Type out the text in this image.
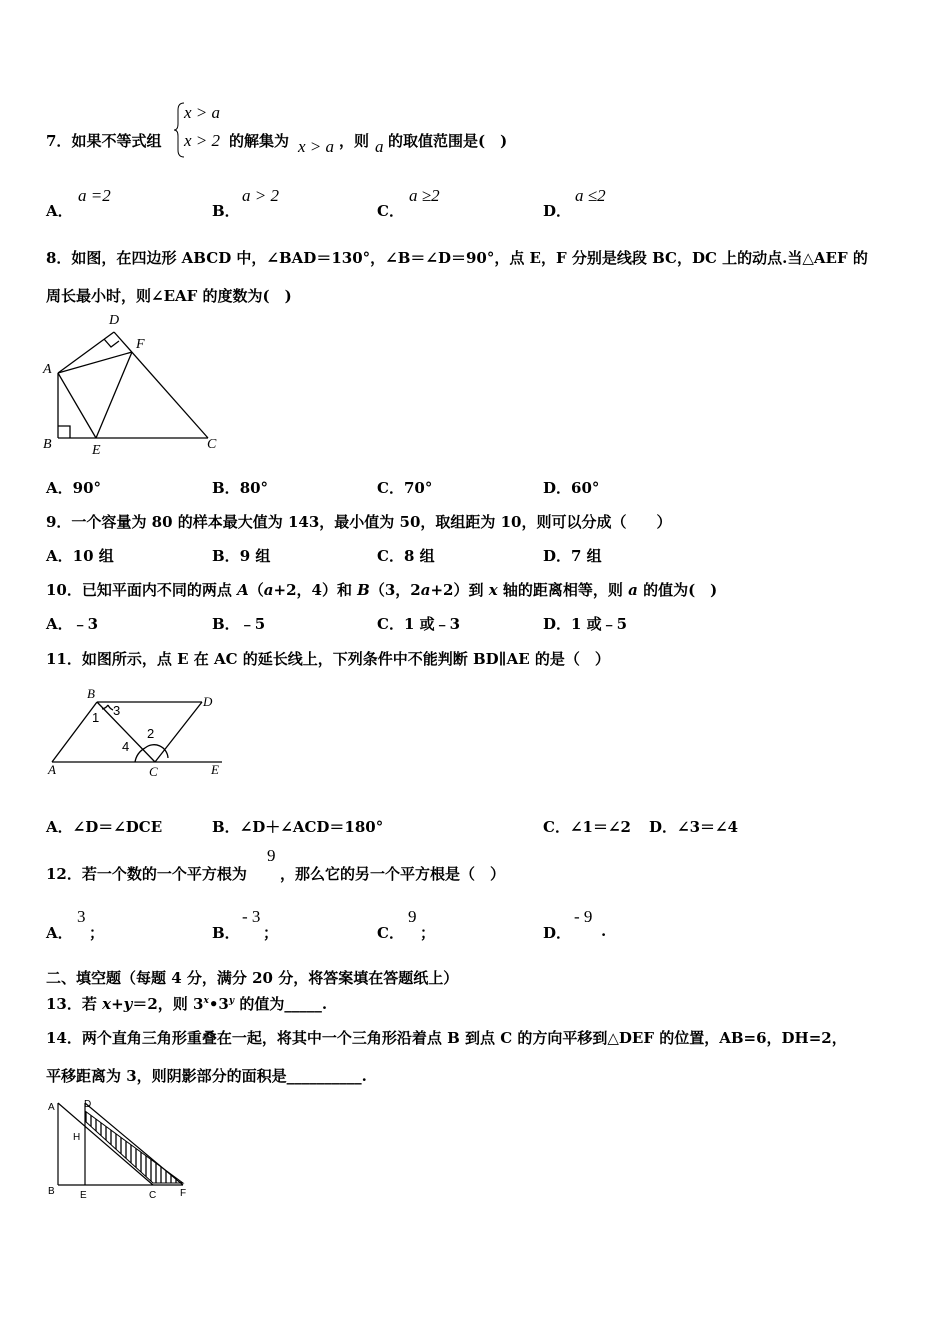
7．如果不等式组
x > a
x > 2 的解集为 x > a ，则 a 的取值范围是(　)
A．
a =2
B．
a > 2
C．
a ≥2
D．
a ≤2
8．如图，在四边形 ABCD 中，∠BAD＝130°，∠B＝∠D＝90°，点 E，F 分别是线段 BC，DC 上的动点.当△AEF 的
周长最小时，则∠EAF 的度数为(　)
A
B	C
D
E
F
A．90°	B．80°	C．70°	D．60°
9．一个容量为 80 的样本最大值为 143，最小值为 50，取组距为 10，则可以分成（　　）
A．10 组	B．9 组	C．8 组	D．7 组
10．已知平面内不同的两点 A（a+2，4）和 B（3，2a+2）到 x 轴的距离相等，则 a 的值为(　)
A．﹣3	B．﹣5	C．1 或﹣3	D．1 或﹣5
11．如图所示，点 E 在 AC 的延长线上，下列条件中不能判断 BD∥AE 的是（　）
B
D
A	C	E
1 3
2
4
A．∠D＝∠DCE	B．∠D＋∠ACD＝180°	C．∠1＝∠2 D．∠3＝∠4
12．若一个数的一个平方根为
9
，那么它的另一个平方根是（　）
A．
3
；	B．
- 3
；	C．
9
；	D．
- 9
.
二、填空题（每题 4 分，满分 20 分，将答案填在答题纸上）
13．若 x+y＝2，则 3$^x$•3$^y$ 的值为_____.
14．两个直角三角形重叠在一起，将其中一个三角形沿着点 B 到点 C 的方向平移到△DEF 的位置，AB=6，DH=2，
平移距离为 3，则阴影部分的面积是__________.
A	D
H
B	E	C F
